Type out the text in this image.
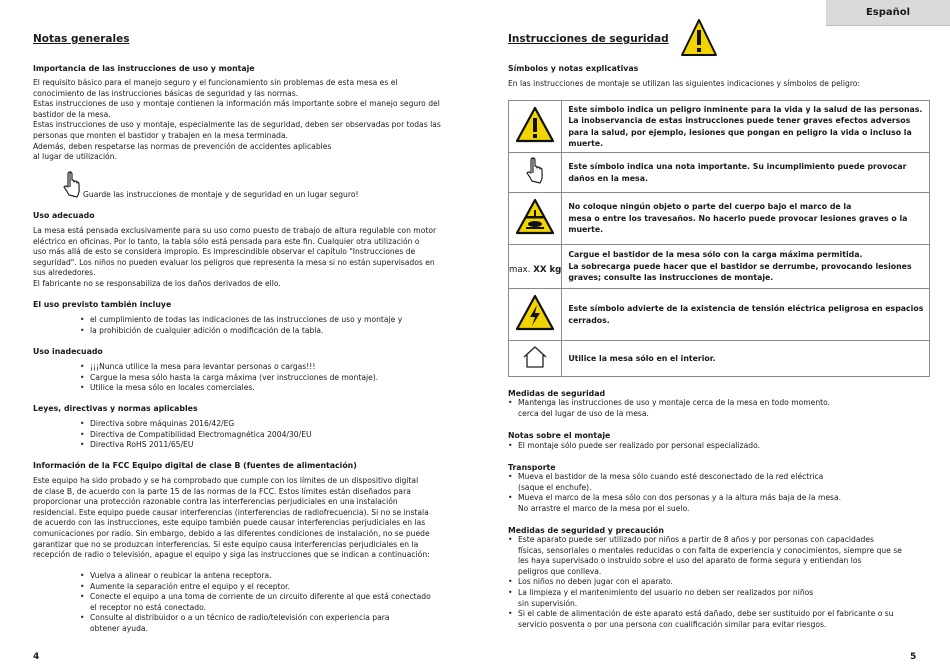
Español
Notas generales
Importancia de las instrucciones de uso y montaje
El requisito básico para el manejo seguro y el funcionamiento sin problemas de esta mesa es el
conocimiento de las instrucciones básicas de seguridad y las normas.
Estas instrucciones de uso y montaje contienen la información más importante sobre el manejo seguro del
bastidor de la mesa.
Estas instrucciones de uso y montaje, especialmente las de seguridad, deben ser observadas por todas las
personas que monten el bastidor y trabajen en la mesa terminada.
Además, deben respetarse las normas de prevención de accidentes aplicables
al lugar de utilización.
Guarde las instrucciones de montaje y de seguridad en un lugar seguro!
Uso adecuado
La mesa está pensada exclusivamente para su uso como puesto de trabajo de altura regulable con motor
eléctrico en oficinas. Por lo tanto, la tabla sólo está pensada para este fin. Cualquier otra utilización o
uso más allá de esto se considera impropio. Es imprescindible observar el capítulo "Instrucciones de
seguridad". Los niños no pueden evaluar los peligros que representa la mesa si no están supervisados en
sus alrededores.
El fabricante no se responsabiliza de los daños derivados de ello.
El uso previsto también incluye
• el cumplimiento de todas las indicaciones de las instrucciones de uso y montaje y
• la prohibición de cualquier adición o modificación de la tabla.
Uso inadecuado
• ¡¡¡Nunca utilice la mesa para levantar personas o cargas!!!
• Cargue la mesa sólo hasta la carga máxima (ver instrucciones de montaje).
• Utilice la mesa sólo en locales comerciales.
Leyes, directivas y normas aplicables
• Directiva sobre máquinas 2016/42/EG
• Directiva de Compatibilidad Electromagnética 2004/30/EU
• Directiva RoHS 2011/65/EU
Información de la FCC Equipo digital de clase B (fuentes de alimentación)
Este equipo ha sido probado y se ha comprobado que cumple con los límites de un dispositivo digital
de clase B, de acuerdo con la parte 15 de las normas de la FCC. Estos límites están diseñados para
proporcionar una protección razonable contra las interferencias perjudiciales en una instalación
residencial. Este equipo puede causar interferencias (interferencias de radiofrecuencia). Si no se instala
de acuerdo con las instrucciones, este equipo también puede causar interferencias perjudiciales en las
comunicaciones por radio. Sin embargo, debido a las diferentes condiciones de instalación, no se puede
garantizar que no se produzcan interferencias. Si este equipo causa interferencias perjudiciales en la
recepción de radio o televisión, apague el equipo y siga las instrucciones que se indican a continuación:
• Vuelva a alinear o reubicar la antena receptora.
• Aumente la separación entre el equipo y el receptor.
• Conecte el equipo a una toma de corriente de un circuito diferente al que está conectado
el receptor no está conectado.
• Consulte al distribuidor o a un técnico de radio/televisión con experiencia para
obtener ayuda.
4
Instrucciones de seguridad
Símbolos y notas explicativas
En las instrucciones de montaje se utilizan las siguientes indicaciones y símbolos de peligro:

Este símbolo indica un peligro inminente para la vida y la salud de las personas.
La inobservancia de estas instrucciones puede tener graves efectos adversos
para la salud, por ejemplo, lesiones que pongan en peligro la vida o incluso la
muerte.

Este símbolo indica una nota importante. Su incumplimiento puede provocar
daños en la mesa.

No coloque ningún objeto o parte del cuerpo bajo el marco de la
mesa o entre los travesaños. No hacerlo puede provocar lesiones graves o la
muerte.

max. XX kg	Cargue el bastidor de la mesa sólo con la carga máxima permitida.
La sobrecarga puede hacer que el bastidor se derrumbe, provocando lesiones
graves; consulte las instrucciones de montaje.

Este símbolo advierte de la existencia de tensión eléctrica peligrosa en espacios
cerrados.

Utilice la mesa sólo en el interior.
Medidas de seguridad
• Mantenga las instrucciones de uso y montaje cerca de la mesa en todo momento.
cerca del lugar de uso de la mesa.
Notas sobre el montaje
• El montaje sólo puede ser realizado por personal especializado.
Transporte
• Mueva el bastidor de la mesa sólo cuando esté desconectado de la red eléctrica
(saque el enchufe).
• Mueva el marco de la mesa sólo con dos personas y a la altura más baja de la mesa.
No arrastre el marco de la mesa por el suelo.
Medidas de seguridad y precaución
• Este aparato puede ser utilizado por niños a partir de 8 años y por personas con capacidades
físicas, sensoriales o mentales reducidas o con falta de experiencia y conocimientos, siempre que se
les haya supervisado o instruido sobre el uso del aparato de forma segura y entiendan los
peligros que conlleva.
• Los niños no deben jugar con el aparato.
• La limpieza y el mantenimiento del usuario no deben ser realizados por niños
sin supervisión.
• Si el cable de alimentación de este aparato está dañado, debe ser sustituido por el fabricante o su
servicio posventa o por una persona con cualificación similar para evitar riesgos.
5
